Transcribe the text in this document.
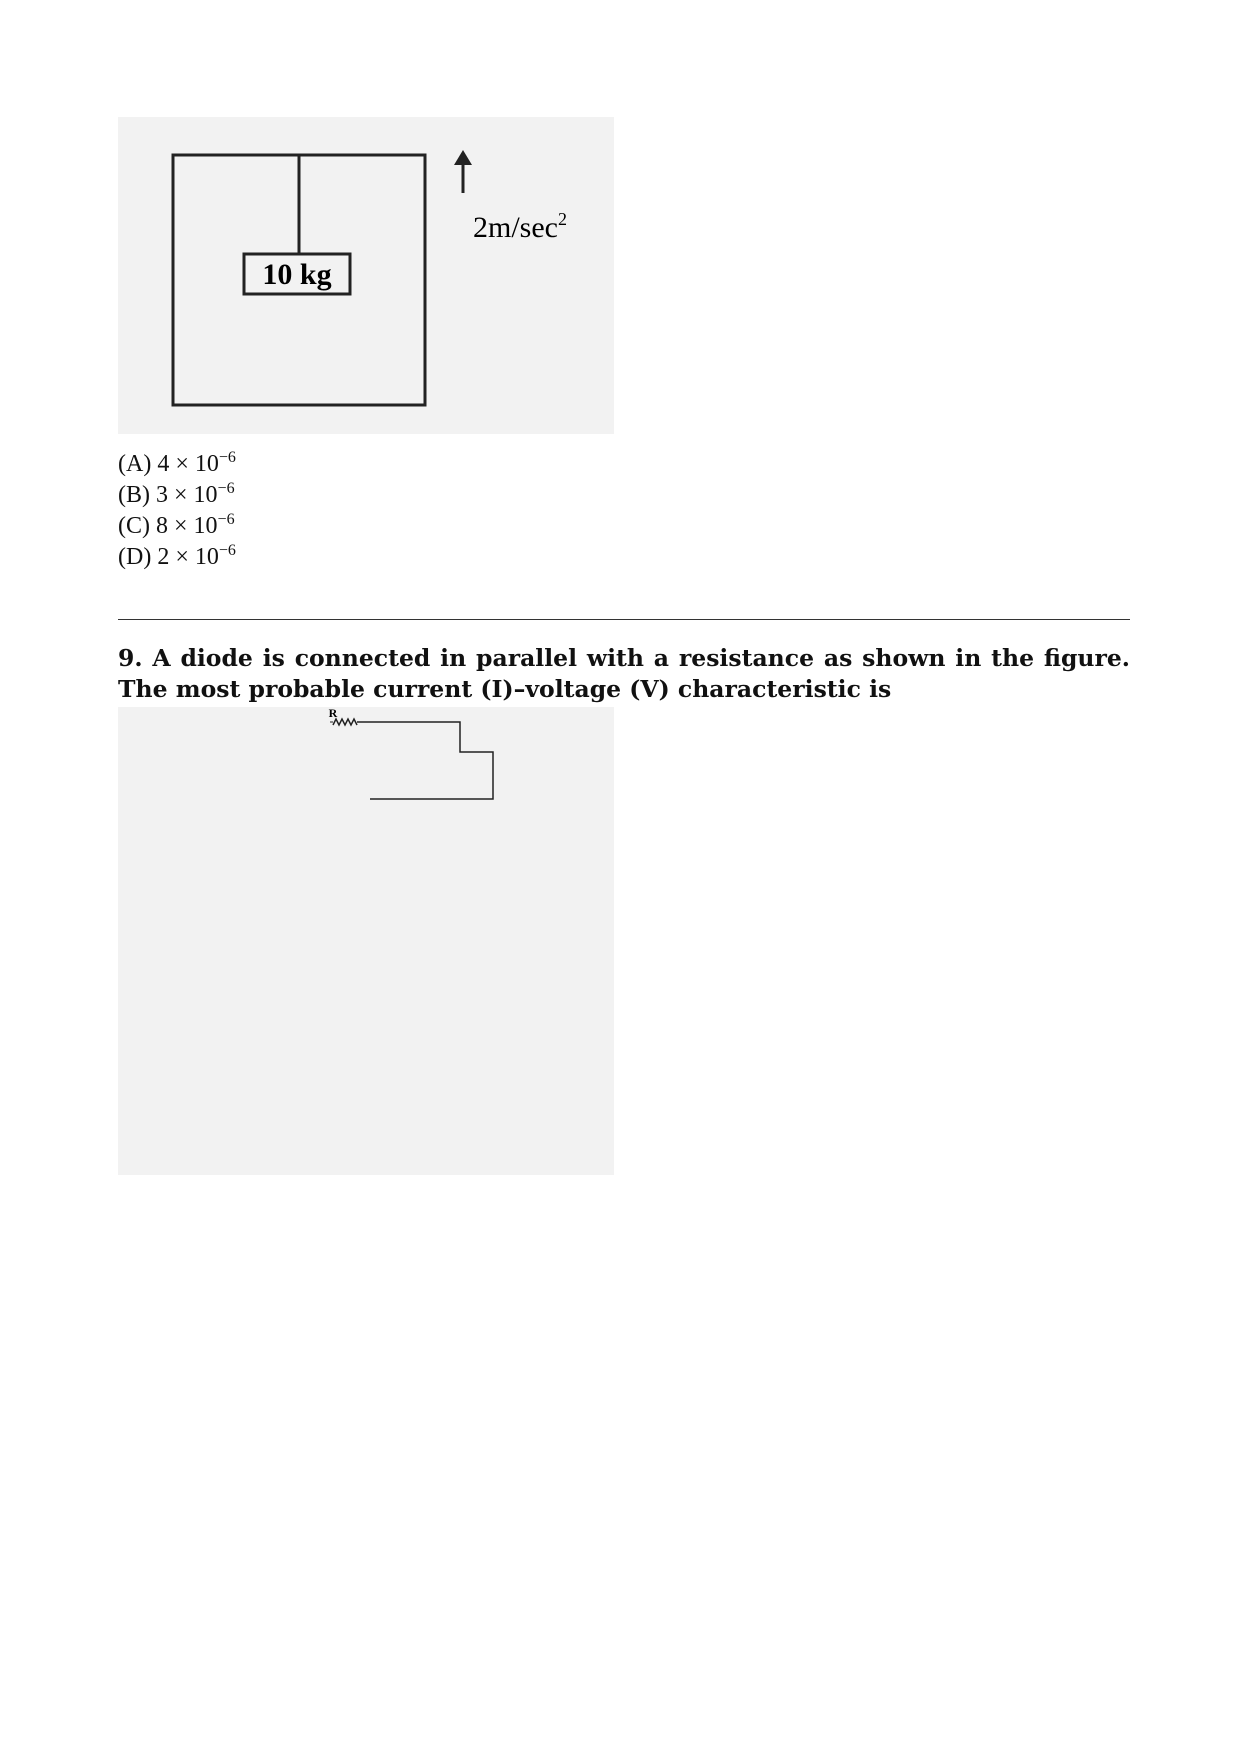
10 kg
$2m/\sec^2$
(A) $4 \times 10^{-6}$
(B) $3 \times 10^{-6}$
(C) $8 \times 10^{-6}$
(D) $2 \times 10^{-6}$
9. A diode is connected in parallel with a resistance as shown in the figure. The most probable current (I)–voltage (V) characteristic is
R
